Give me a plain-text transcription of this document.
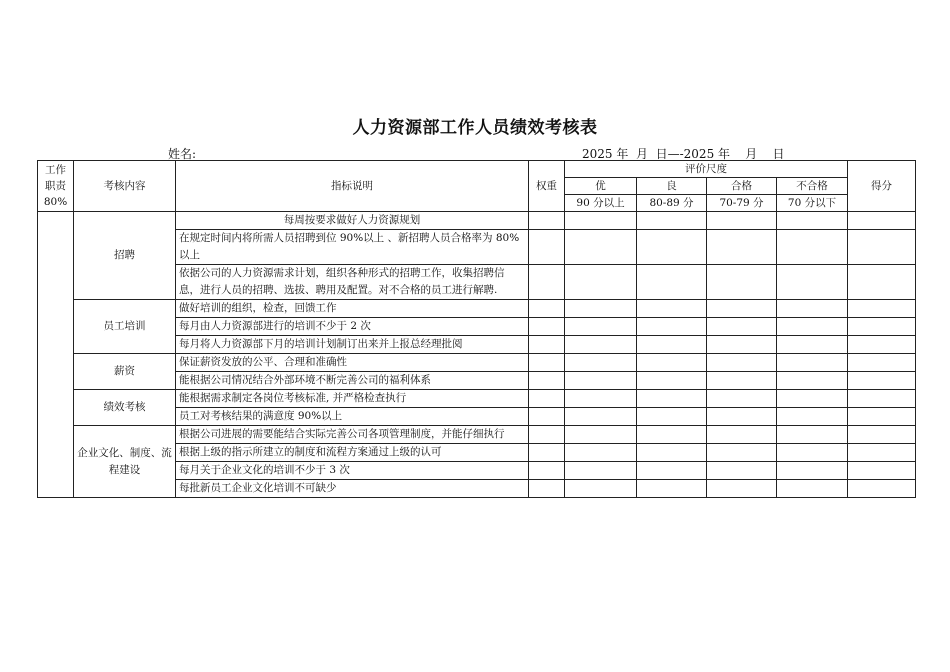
人力资源部工作人员绩效考核表
姓名:	2025 年  月  日—-2025 年    月    日
工作职责80%	考核内容	指标说明	权重	评价尺度				得分
				优	良	合格	不合格	
				90 分以上	80-89 分	70-79 分	70 分以下	
	招聘	每周按要求做好人力资源规划						
		在规定时间内将所需人员招聘到位 90%以上 、新招聘人员合格率为 80%以上						
		依据公司的人力资源需求计划，组织各种形式的招聘工作，收集招聘信息，进行人员的招聘、选拔、聘用及配置。对不合格的员工进行解聘.						
	员工培训	做好培训的组织，检查，回馈工作						
		每月由人力资源部进行的培训不少于 2 次						
		每月将人力资源部下月的培训计划制订出来并上报总经理批阅						
	薪资	保证薪资发放的公平、合理和准确性						
		能根据公司情况结合外部环境不断完善公司的福利体系						
	绩效考核	能根据需求制定各岗位考核标准, 并严格检查执行						
		员工对考核结果的满意度 90%以上						
	企业文化、制度、流程建设	根据公司进展的需要能结合实际完善公司各项管理制度，并能仔细执行						
		根据上级的指示所建立的制度和流程方案通过上级的认可						
		每月关于企业文化的培训不少于 3 次						
		每批新员工企业文化培训不可缺少						
